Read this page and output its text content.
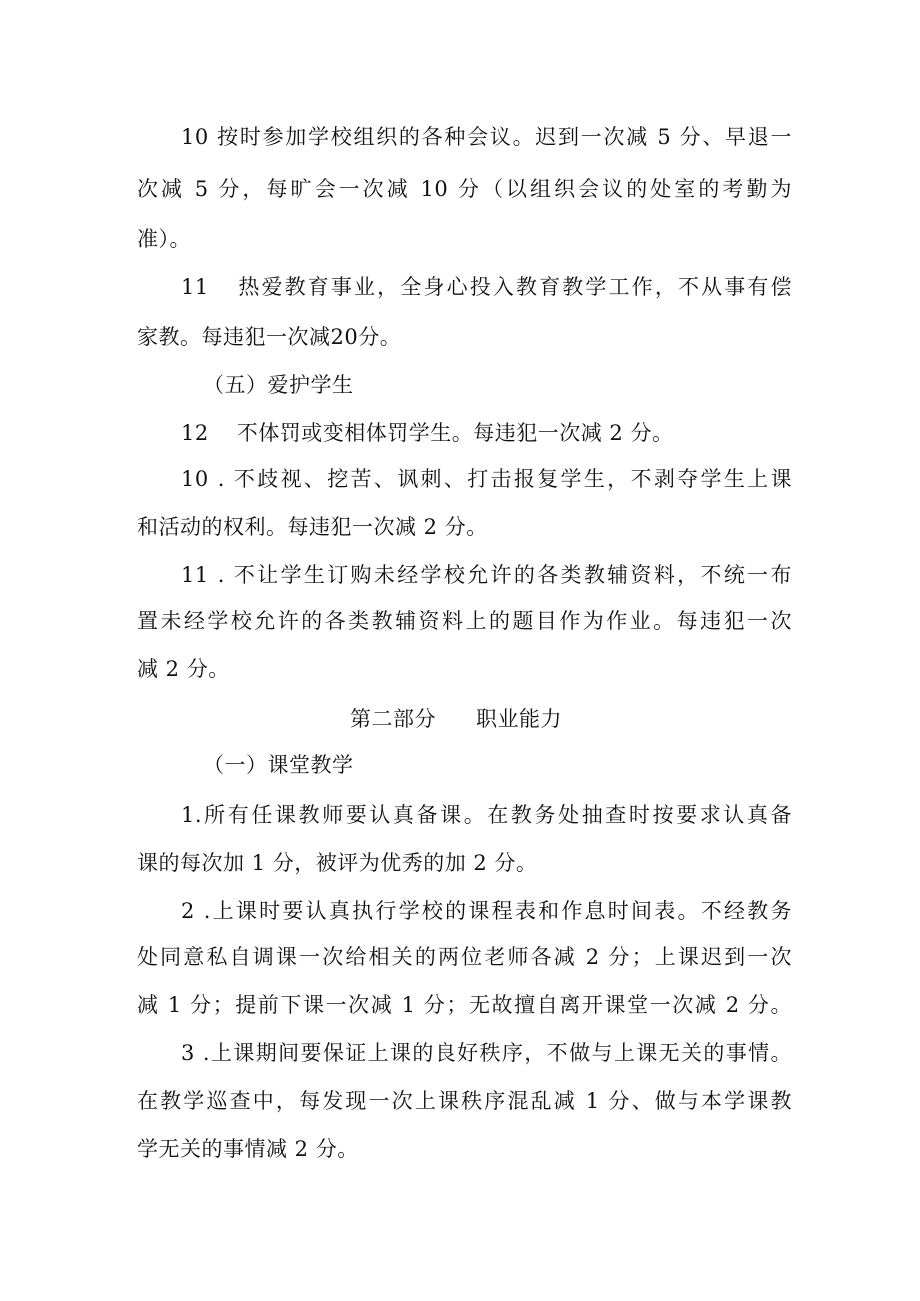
10 按时参加学校组织的各种会议。迟到一次减 5 分、早退一
次减 5 分，每旷会一次减 10 分（以组织会议的处室的考勤为
准）。
11 热爱教育事业，全身心投入教育教学工作，不从事有偿
家教。每违犯一次减20分。
（五）爱护学生
12 不体罚或变相体罚学生。每违犯一次减 2 分。
10 . 不歧视、挖苦、讽刺、打击报复学生，不剥夺学生上课
和活动的权利。每违犯一次减 2 分。
11 . 不让学生订购未经学校允许的各类教辅资料，不统一布
置未经学校允许的各类教辅资料上的题目作为作业。每违犯一次
减 2 分。
第二部分 职业能力
（一）课堂教学
1.所有任课教师要认真备课。在教务处抽查时按要求认真备
课的每次加 1 分，被评为优秀的加 2 分。
2 .上课时要认真执行学校的课程表和作息时间表。不经教务
处同意私自调课一次给相关的两位老师各减 2 分；上课迟到一次
减 1 分；提前下课一次减 1 分；无故擅自离开课堂一次减 2 分。
3 .上课期间要保证上课的良好秩序，不做与上课无关的事情。
在教学巡查中，每发现一次上课秩序混乱减 1 分、做与本学课教
学无关的事情减 2 分。
